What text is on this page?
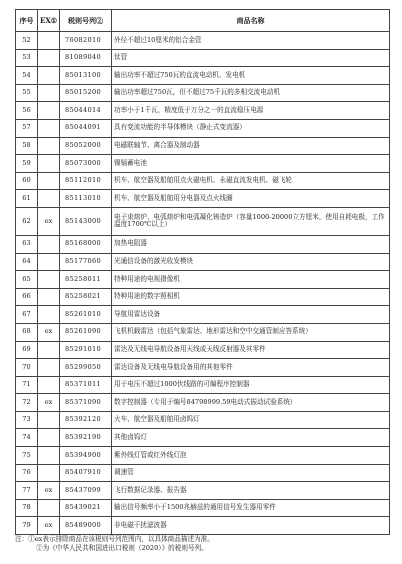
序号	EX①	税则号列②	商品名称
52		76082010	外径不超过10厘米的铝合金管
53		81089040	钛管
54		85013100	输出功率不超过750瓦的直流电动机、发电机
55		85015200	输出功率超过750瓦，但不超过75千瓦的多相交流电动机
56		85044014	功率小于1千瓦，精度低于万分之一的直流稳压电源
57		85044091	具有变流功能的半导体模块（静止式变流器）
58		85052000	电磁联轴节、离合器及制动器
59		85073000	镍镉蓄电池
60		85112010	机车、航空器及船舶用点火磁电机、永磁直流发电机、磁飞轮
61		85113010	机车、航空器及船舶用分电器及点火线圈
62	ex	85143000	电子束熔炉、电弧熔炉和电弧凝化铸造炉（容量1000-20000立方厘米，使用自耗电极，工作温度1700℃以上）
63		85168000	加热电阻器
64		85177060	光通信设备的激光收发模块
65		85258011	特种用途的电视摄像机
66		85258021	特种用途的数字照相机
67		85261010	导航用雷达设备
68	ex	85261090	飞机机载雷达（包括气象雷达、地形雷达和空中交通管制应答系统）
69		85291010	雷达及无线电导航设备用天线或天线反射器及其零件
70		85299050	雷达设备及无线电导航设备用的其他零件
71		85371011	用于电压不超过1000伏线路的可编程序控制器
72	ex	85371090	数字控制器（专用于编号84798999.59电动式振动试验系统）
73		85392120	火车、航空器及船舶用卤钨灯
74		85392190	其他卤钨灯
75		85394900	紫外线灯管或红外线灯泡
76		85407910	调速管
77	ex	85437099	飞行数据记录器、报告器
78		85439021	输出信号频率小于1500兆赫兹的通用信号发生器用零件
79	ex	85489000	非电磁干扰滤波器
注：①ex表示排除商品在该税则号列范围内，以具体商品描述为准。
②为《中华人民共和国进出口税则（2020）》的税则号列。
